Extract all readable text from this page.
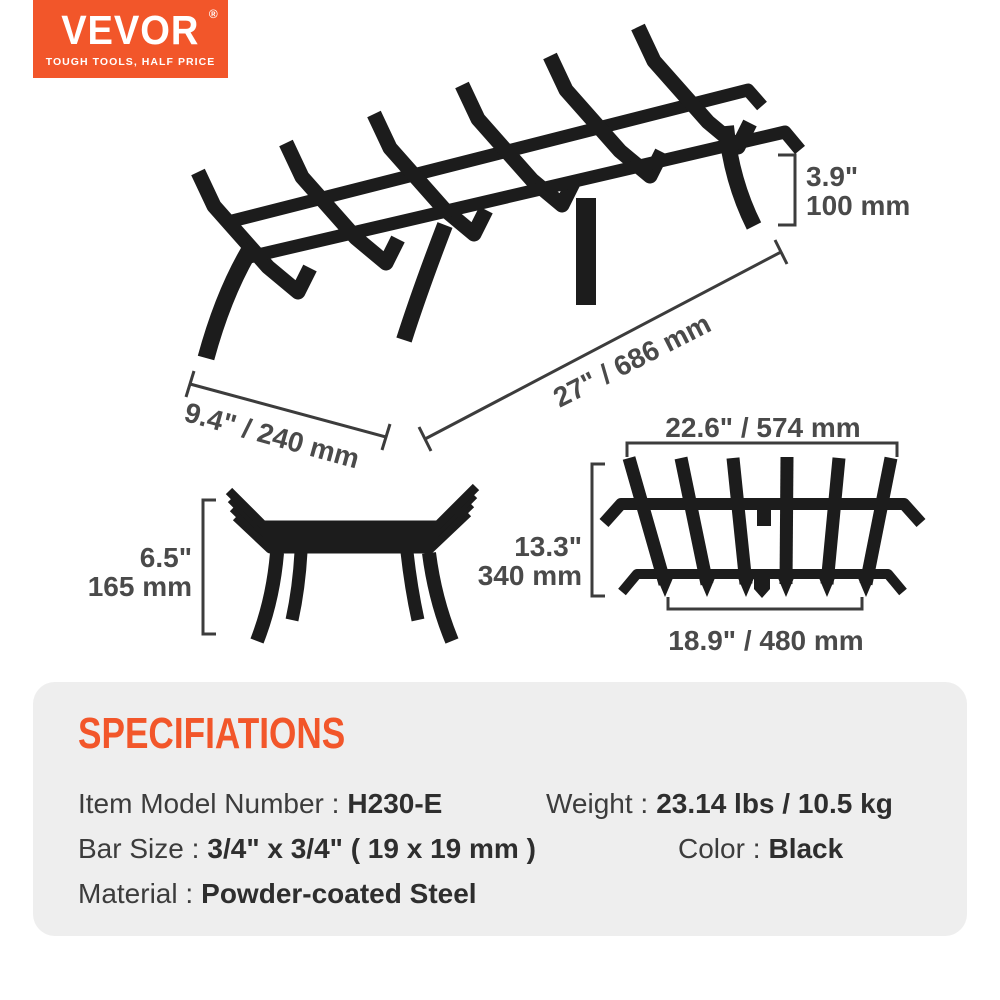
VEVOR ®
TOUGH TOOLS, HALF PRICE
3.9"
100 mm
27" / 686 mm
9.4" / 240 mm
6.5"
165 mm
22.6" / 574 mm
13.3"
340 mm
18.9" / 480 mm
SPECIFIATIONS
Item Model Number : H230-E	Weight : 23.14 lbs / 10.5 kg
Bar Size : 3/4" x 3/4" ( 19 x 19 mm )	Color : Black
Material : Powder-coated Steel
